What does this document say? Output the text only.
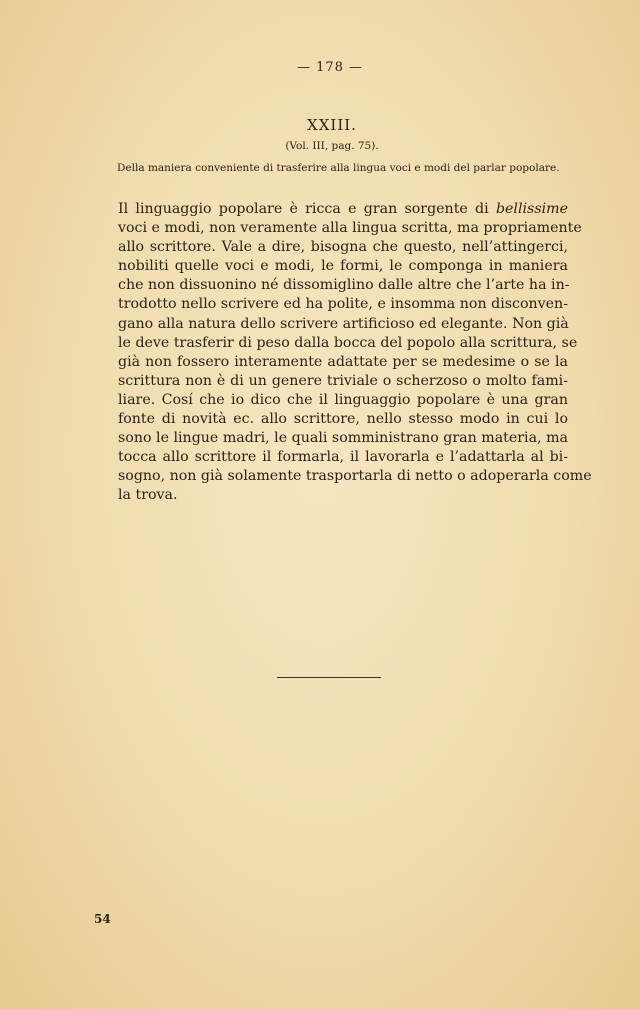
— 178 —
XXIII.
(Vol. III, pag. 75).
Della maniera conveniente di trasferire alla lingua voci e modi del parlar popolare.
Il linguaggio popolare è ricca e gran sorgente di bellissime
voci e modi, non veramente alla lingua scritta, ma propriamente
allo scrittore. Vale a dire, bisogna che questo, nell’attingerci,
nobiliti quelle voci e modi, le formi, le componga in maniera
che non dissuonino né dissomiglino dalle altre che l’arte ha in-
trodotto nello scrivere ed ha polite, e insomma non disconven-
gano alla natura dello scrivere artificioso ed elegante. Non già
le deve trasferir di peso dalla bocca del popolo alla scrittura, se
già non fossero interamente adattate per se medesime o se la
scrittura non è di un genere triviale o scherzoso o molto fami-
liare. Cosí che io dico che il linguaggio popolare è una gran
fonte di novità ec. allo scrittore, nello stesso modo in cui lo
sono le lingue madri, le quali somministrano gran materia, ma
tocca allo scrittore il formarla, il lavorarla e l’adattarla al bi-
sogno, non già solamente trasportarla di netto o adoperarla come
la trova.
54
